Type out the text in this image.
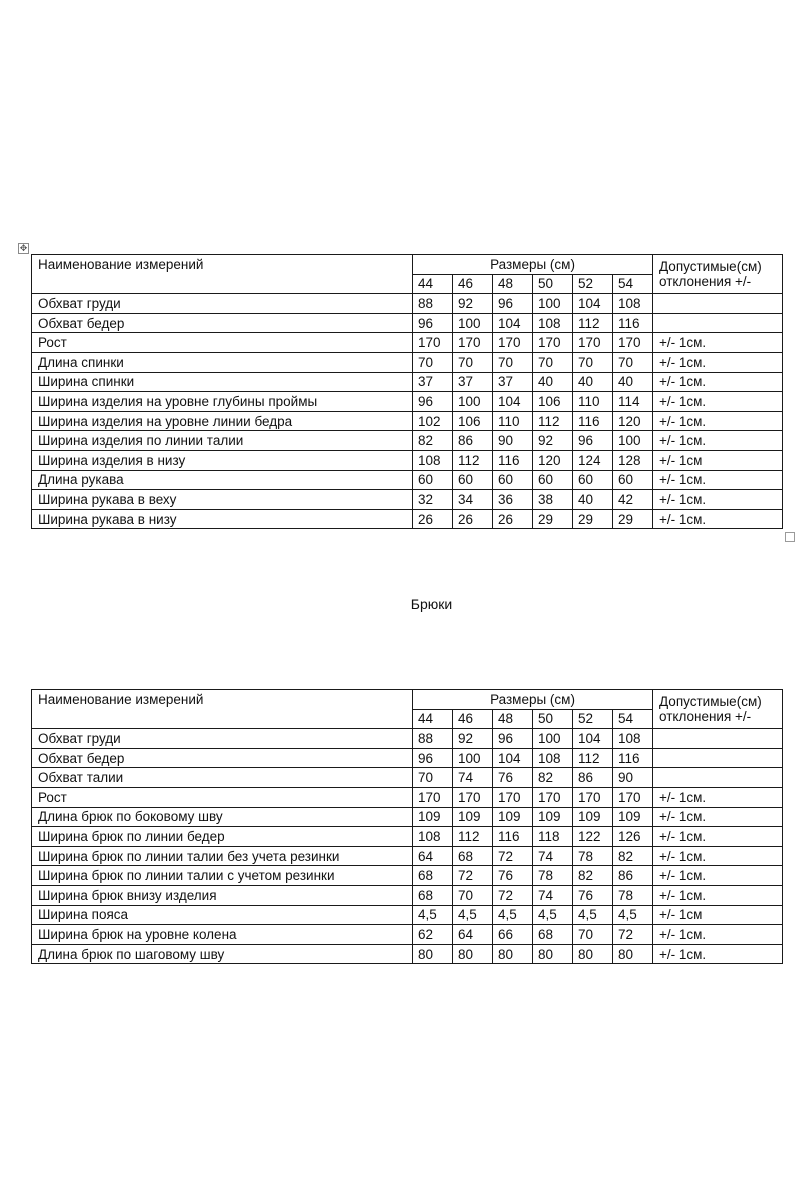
✥
Наименование измерений	Размеры (см)						Допустимые(см)
	44	46	48	50	52	54	отклонения +/-
Обхват груди	88	92	96	100	104	108	
Обхват бедер	96	100	104	108	112	116	
Рост	170	170	170	170	170	170	+/- 1см.
Длина спинки	70	70	70	70	70	70	+/- 1см.
Ширина спинки	37	37	37	40	40	40	+/- 1см.
Ширина изделия на уровне глубины проймы	96	100	104	106	110	114	+/- 1см.
Ширина изделия на уровне линии бедра	102	106	110	112	116	120	+/- 1см.
Ширина изделия по линии талии	82	86	90	92	96	100	+/- 1см.
Ширина изделия в низу	108	112	116	120	124	128	+/- 1см
Длина рукава	60	60	60	60	60	60	+/- 1см.
Ширина рукава в веху	32	34	36	38	40	42	+/- 1см.
Ширина рукава в низу	26	26	26	29	29	29	+/- 1см.
Брюки
Наименование измерений	Размеры (см)						Допустимые(см)
	44	46	48	50	52	54	отклонения +/-
Обхват груди	88	92	96	100	104	108	
Обхват бедер	96	100	104	108	112	116	
Обхват талии	70	74	76	82	86	90	
Рост	170	170	170	170	170	170	+/- 1см.
Длина брюк по боковому шву	109	109	109	109	109	109	+/- 1см.
Ширина брюк по линии бедер	108	112	116	118	122	126	+/- 1см.
Ширина брюк по линии талии без учета резинки	64	68	72	74	78	82	+/- 1см.
Ширина брюк по линии талии с учетом резинки	68	72	76	78	82	86	+/- 1см.
Ширина брюк внизу изделия	68	70	72	74	76	78	+/- 1см.
Ширина пояса	4,5	4,5	4,5	4,5	4,5	4,5	+/- 1см
Ширина брюк на уровне колена	62	64	66	68	70	72	+/- 1см.
Длина брюк по шаговому шву	80	80	80	80	80	80	+/- 1см.
